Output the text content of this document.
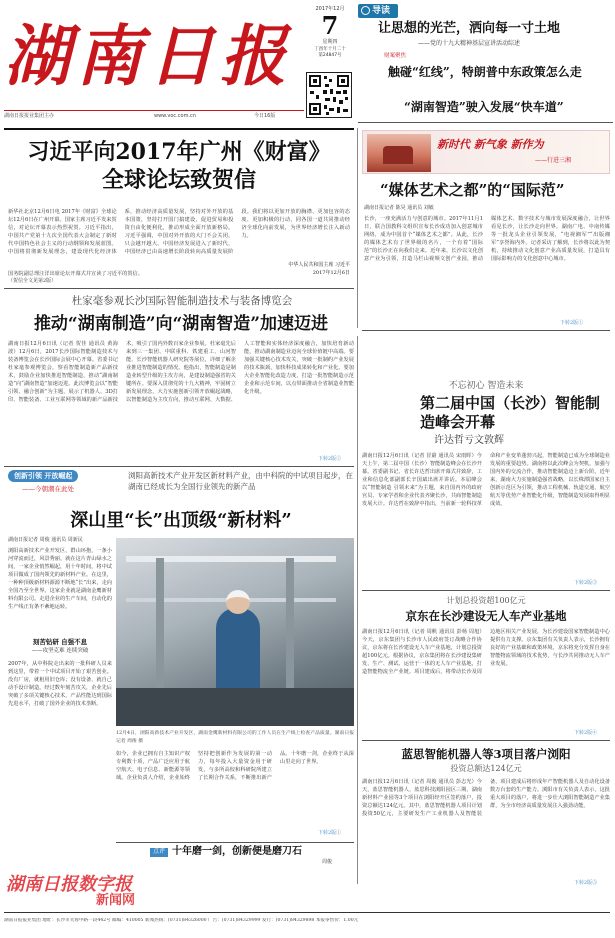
湖南日报
2017年12月
7
星期四
丁酉年十月二十
第24847号
湖南日报报业集团主办	www.voc.com.cn	今日16版
导读
让思想的光芒，洒向每一寸土地
——党的十九大精神基层宣讲活动综述
财案聚焦
触碰“红线”，特朗普中东政策怎么走
“湖南智造”驶入发展“快车道”
习近平向2017年广州《财富》
全球论坛致贺信
新华社北京12月6日电 2017年《财富》全球论坛12月6日在广州开幕。国家主席习近平发来贺信，对论坛开幕表示热烈祝贺。习近平指出，中国共产党第十九次全国代表大会制定了新时代中国特色社会主义的行动纲领和发展蓝图。中国将贯彻新发展理念，建设现代化经济体系，推动经济高质量发展，坚持对外开放的基本国策，坚持打开国门搞建设，促进贸易和投资自由化便利化，推动形成全面开放新格局。习近平强调，中国对外开放的大门不会关闭，只会越开越大。中国经济发展进入了新时代，中国经济已由高速增长阶段转向高质量发展阶段。我们将以更加开放的胸襟、更加包容的态度、更加积极的行动，同各国一道共同推动经济全球化向前发展，为世界经济增长注入新动力。
国务院副总理汪洋出席论坛开幕式并宣读了习近平的贺信。
中华人民共和国主席 习近平
2017年12月6日
（贺信全文见第2版）
新时代 新气象 新作为
——行进三湘
“媒体艺术之都”的“国际范”
湖南日报记者 陈昊 通讯员 刘敏
长沙，一座充满活力与创意的城市。2017年11月1日，联合国教科文组织宣布长沙成功加入创意城市网络，成为中国首个“媒体艺术之都”。从此，长沙的媒体艺术有了世界级的名片，一个有着“国际范”的长沙正在向我们走来。近年来，长沙以文化创意产业为引领，打造马栏山视频文创产业园，推动媒体艺术、数字技术与城市发展深度融合，让世界看见长沙，让长沙走向世界。湖南广电、中南传媒等一批龙头企业引领发展，“电视湘军”“出版湘军”享誉海内外。记者采访了解到，长沙将以此为契机，持续推动文化创意产业高质量发展，打造具有国际影响力的文化创意中心城市。
下转2版①
杜家毫参观长沙国际智能制造技术与装备博览会
推动“湖南制造”向“湖南智造”加速迈进
湖南日报12月6日讯（记者 贺佳 通讯员 黄海波）12月6日，2017长沙国际智能制造技术与装备博览会在长沙国际会展中心开幕。省委书记杜家毫参观博览会，察看智能制造新产品新技术，鼓励企业加快推进智能制造，推动“湖南制造”向“湖南智造”加速迈进。此次博览会以“智能引领、融合创新”为主题，展示了机器人、3D打印、智能装备、工业互联网等领域的新产品新技术，吸引了国内外数百家企业参展。杜家毫先后来到三一集团、中联重科、铁建重工、山河智能、长沙智能机器人研究院等展位，详细了解企业推进智能制造的情况。他指出，智能制造是制造业转型升级的主攻方向，是建设制造强省的关键所在。要深入贯彻党的十九大精神，牢固树立新发展理念，大力实施创新引领开放崛起战略，以智能制造为主攻方向，推动互联网、大数据、人工智能和实体经济深度融合，加快培育新动能，推动湖南制造业迈向全球价值链中高端。要加强关键核心技术攻关，突破一批制约产业发展的技术瓶颈，加快科技成果转化和产业化。要加大企业智能化改造力度，打造一批智能制造示范企业和示范车间，以点带面推动全省制造业智能化升级。
下转2版②
创新引领 开放崛起
——今朝潮在此处
浏阳高新技术产业开发区新材料产业，由中科院的中试项目起步，在湖南已经成长为全国行业领先的新产品
深山里“长”出顶级“新材料”
湖南日报记者 周俊 通讯员 周新民
浏阳高新技术产业开发区，群山环抱，一条小河穿流而过，风景秀丽。就在这片青山绿水之间，一家企业悄然崛起，用十年时间，将中试项目做成了国内领先的新材料产业。在这里，一种种顶级新材料源源不断地“长”出来，走向全国乃至全世界。这家企业就是湖南金鹰新材料有限公司。走进企业的生产车间，自动化的生产线正有条不紊地运转。
刻苦钻研 自强不息
——攻坚克难 连续突破
2007年，从中科院走出来的一批科研人员来到这里，带着一个中试项目开始了艰苦创业。没有厂房，就租用旧仓库；没有设备，就自己动手设计制造。经过数年刻苦攻关，企业先后突破了多项关键核心技术，产品性能达到国际先进水平，打破了国外企业的技术垄断。
12月4日，浏阳高新技术产业开发区，湖南金鹰新材料有限公司的工作人员在生产线上检查产品质量。湖南日报记者 周俊 摄
如今，企业已拥有自主知识产权专利数十项，产品广泛应用于航空航天、电子信息、新能源等领域。企业负责人介绍，企业始终坚持把创新作为发展的第一动力，每年投入大量资金用于研发，与多所高校和科研院所建立了长期合作关系，不断推出新产品。十年磨一剑，企业终于从深山里走向了世界。
下转2版①
点评 十年磨一剑，创新便是磨刀石
周俊
不忘初心 智造未来
第二届中国（长沙）智能制造峰会开幕
许达哲亏文敦辉
湖南日报12月6日讯（记者 冒蕞 通讯员 宋雨晖）今天上午，第二届中国（长沙）智能制造峰会在长沙开幕。省委副书记、省长许达哲出席开幕式并致辞，工业和信息化部副部长辛国斌出席并讲话。本届峰会以“智能制造 引领未来”为主题，来自国内外的政府官员、专家学者和企业代表齐聚长沙，共商智能制造发展大计。许达哲在致辞中指出，当前新一轮科技革命和产业变革蓬勃兴起，智能制造已成为全球制造业发展的重要趋势。湖南将以此次峰会为契机，加强与国内外的交流合作，推动智能制造迈上新台阶。近年来，湖南大力实施制造强省战略，以长株潭国家自主创新示范区为引领，推动工程机械、轨道交通、航空航天等优势产业智能化升级，智能制造发展取得明显成效。
下转2版③
计划总投资超100亿元
京东在长沙建设无人车产业基地
湖南日报12月6日讯（记者 周帆 通讯员 彭杨 周旭）今天，京东集团与长沙市人民政府签订战略合作协议，京东将在长沙建设无人车产业基地，计划总投资超100亿元。根据协议，京东集团将在长沙建设集研发、生产、测试、运营于一体的无人车产业基地，打造智能物流全产业链。项目建成后，将带动长沙及周边地区相关产业发展，为长沙建设国家智能制造中心提供有力支撑。京东集团有关负责人表示，长沙拥有良好的产业基础和政策环境，京东将充分发挥自身在智能物流领域的技术优势，与长沙共同推动无人车产业发展。
下转2版④
蓝思智能机器人等3项目落户浏阳
投资总额达124亿元
湖南日报12月6日讯（记者 周俊 通讯员 彭志光）今天，蓝思智能机器人、蓝思科技浏阳园区三期、湖南新材料产业园等3个项目在浏阳经开区签约落户，投资总额达124亿元。其中，蓝思智能机器人项目计划投资50亿元，主要研发生产工业机器人及智能装备，项目建成后将形成年产智能机器人及自动化设备数万台套的生产能力。浏阳市有关负责人表示，这批重大项目的落户，将进一步壮大浏阳智能制造产业集群，为全市经济高质量发展注入强劲动能。
下转2版⑤
湖南日报报业集团 地址：长沙市芙蓉中路一段442号 邮编：410005 新闻热线：(0731)84326000 广告：(0731)84329999 发行：(0731)84329898 本报零售价：1.00元
湖南日报数字报
新闻网
